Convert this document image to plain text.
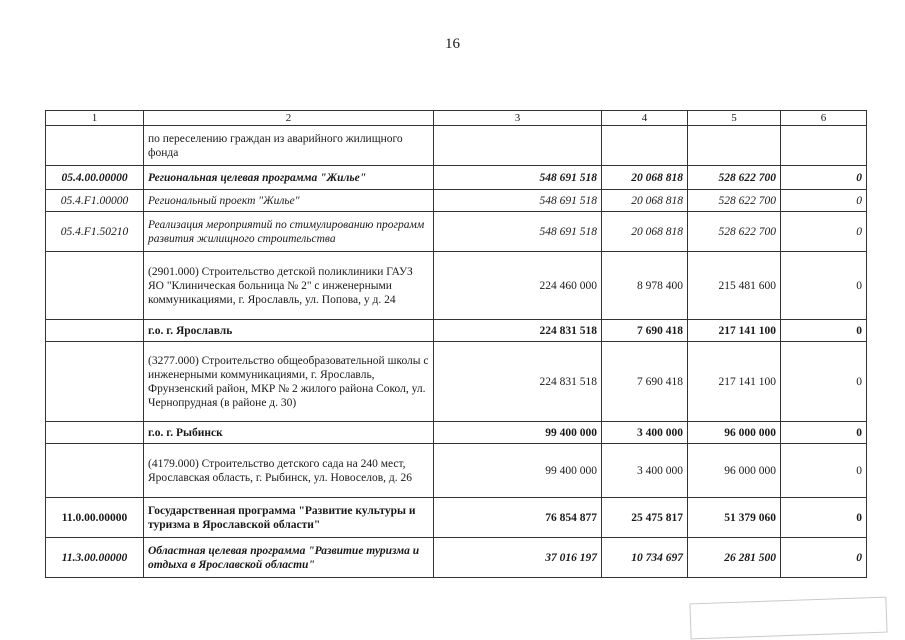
16
1	2	3	4	5	6
	по переселению граждан из аварийного жилищного фонда				
05.4.00.00000	Региональная целевая программа "Жилье"	548 691 518	20 068 818	528 622 700	0
05.4.F1.00000	Региональный проект "Жилье"	548 691 518	20 068 818	528 622 700	0
05.4.F1.50210	Реализация мероприятий по стимулированию программ развития жилищного строительства	548 691 518	20 068 818	528 622 700	0
	(2901.000) Строительство детской поликлиники ГАУЗ ЯО "Клиническая больница № 2" с инженерными коммуникациями, г. Ярославль, ул. Попова, у д. 24	224 460 000	8 978 400	215 481 600	0
	г.о. г. Ярославль	224 831 518	7 690 418	217 141 100	0
	(3277.000) Строительство общеобразовательной школы с инженерными коммуникациями, г. Ярославль, Фрунзенский район, МКР № 2 жилого района Сокол, ул. Чернопрудная (в районе д. 30)	224 831 518	7 690 418	217 141 100	0
	г.о. г. Рыбинск	99 400 000	3 400 000	96 000 000	0
	(4179.000) Строительство детского сада на 240 мест, Ярославская область, г. Рыбинск, ул. Новоселов, д. 26	99 400 000	3 400 000	96 000 000	0
11.0.00.00000	Государственная программа "Развитие культуры и туризма в Ярославской области"	76 854 877	25 475 817	51 379 060	0
11.3.00.00000	Областная целевая программа "Развитие туризма и отдыха в Ярославской области"	37 016 197	10 734 697	26 281 500	0
